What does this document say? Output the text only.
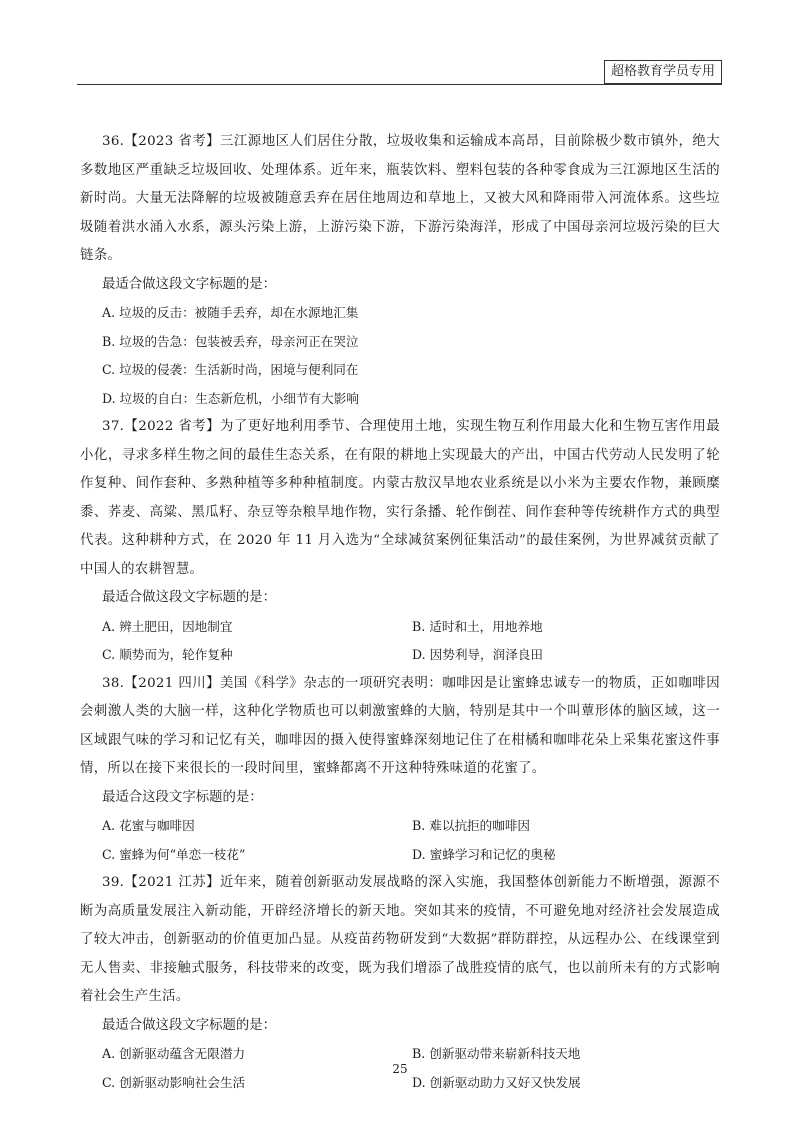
超格教育学员专用

36.【2023 省考】三江源地区人们居住分散，垃圾收集和运输成本高昂，目前除极少数市镇外，绝大多数地区严重缺乏垃圾回收、处理体系。近年来，瓶装饮料、塑料包装的各种零食成为三江源地区生活的新时尚。大量无法降解的垃圾被随意丢弃在居住地周边和草地上，又被大风和降雨带入河流体系。这些垃圾随着洪水涌入水系，源头污染上游，上游污染下游，下游污染海洋，形成了中国母亲河垃圾污染的巨大链条。

最适合做这段文字标题的是：

A. 垃圾的反击：被随手丢弃，却在水源地汇集
B. 垃圾的告急：包装被丢弃，母亲河正在哭泣
C. 垃圾的侵袭：生活新时尚，困境与便利同在
D. 垃圾的自白：生态新危机，小细节有大影响

37.【2022 省考】为了更好地利用季节、合理使用土地，实现生物互利作用最大化和生物互害作用最小化，寻求多样生物之间的最佳生态关系，在有限的耕地上实现最大的产出，中国古代劳动人民发明了轮作复种、间作套种、多熟种植等多种种植制度。内蒙古敖汉旱地农业系统是以小米为主要农作物，兼顾糜黍、荞麦、高粱、黑瓜籽、杂豆等杂粮旱地作物，实行条播、轮作倒茬、间作套种等传统耕作方式的典型代表。这种耕种方式，在 2020 年 11 月入选为“全球减贫案例征集活动”的最佳案例，为世界减贫贡献了中国人的农耕智慧。

最适合做这段文字标题的是：

A. 辨土肥田，因地制宜	B. 适时和土，用地养地
C. 顺势而为，轮作复种	D. 因势利导，润泽良田

38.【2021 四川】美国《科学》杂志的一项研究表明：咖啡因是让蜜蜂忠诚专一的物质，正如咖啡因会刺激人类的大脑一样，这种化学物质也可以刺激蜜蜂的大脑，特别是其中一个叫蕈形体的脑区域，这一区域跟气味的学习和记忆有关，咖啡因的摄入使得蜜蜂深刻地记住了在柑橘和咖啡花朵上采集花蜜这件事情，所以在接下来很长的一段时间里，蜜蜂都离不开这种特殊味道的花蜜了。

最适合这段文字标题的是：

A. 花蜜与咖啡因	B. 难以抗拒的咖啡因
C. 蜜蜂为何“单恋一枝花”	D. 蜜蜂学习和记忆的奥秘

39.【2021 江苏】近年来，随着创新驱动发展战略的深入实施，我国整体创新能力不断增强，源源不断为高质量发展注入新动能，开辟经济增长的新天地。突如其来的疫情，不可避免地对经济社会发展造成了较大冲击，创新驱动的价值更加凸显。从疫苗药物研发到“大数据”群防群控，从远程办公、在线课堂到无人售卖、非接触式服务，科技带来的改变，既为我们增添了战胜疫情的底气，也以前所未有的方式影响着社会生产生活。

最适合做这段文字标题的是：

A. 创新驱动蕴含无限潜力	B. 创新驱动带来崭新科技天地
C. 创新驱动影响社会生活	D. 创新驱动助力又好又快发展
25
